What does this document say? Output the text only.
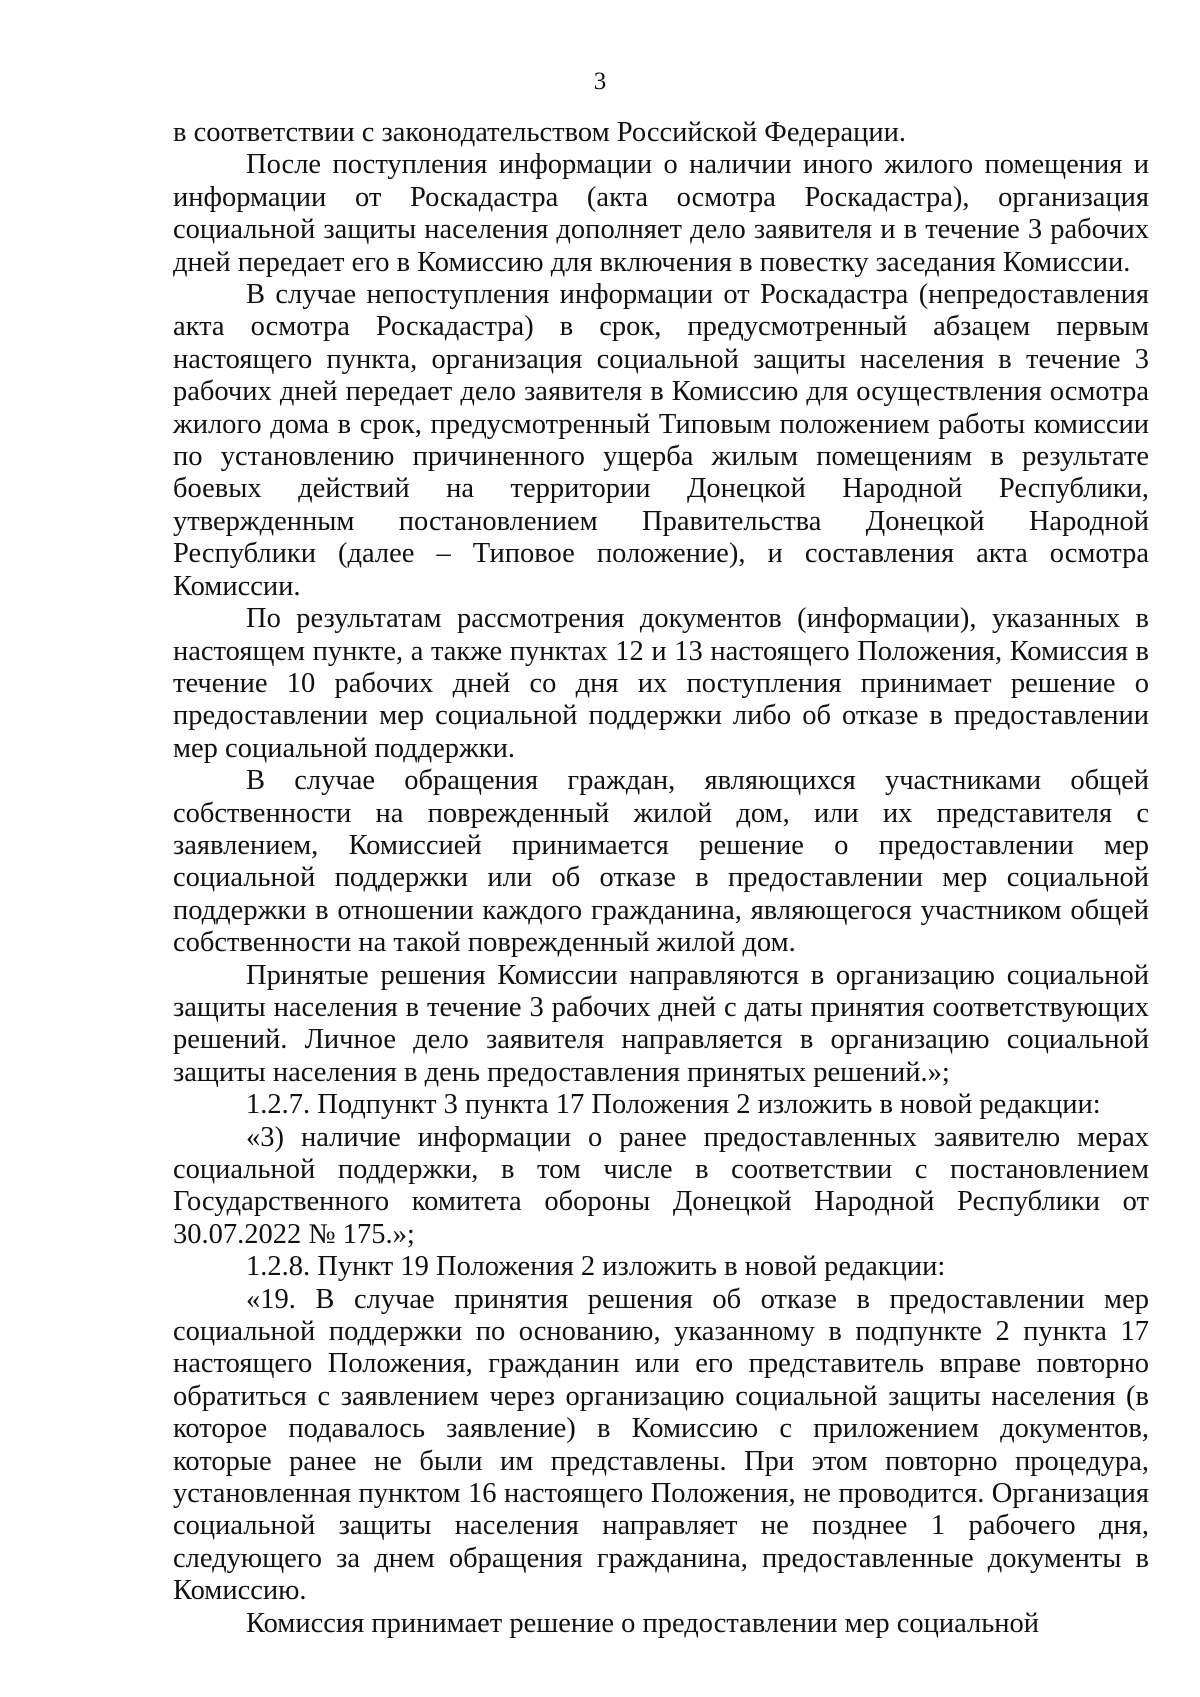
3

в соответствии с законодательством Российской Федерации.

После поступления информации о наличии иного жилого помещения и информации от Роскадастра (акта осмотра Роскадастра), организация социальной защиты населения дополняет дело заявителя и в течение 3 рабочих дней передает его в Комиссию для включения в повестку заседания Комиссии.

В случае непоступления информации от Роскадастра (непредоставления акта осмотра Роскадастра) в срок, предусмотренный абзацем первым настоящего пункта, организация социальной защиты населения в течение 3 рабочих дней передает дело заявителя в Комиссию для осуществления осмотра жилого дома в срок, предусмотренный Типовым положением работы комиссии по установлению причиненного ущерба жилым помещениям в результате боевых действий на территории Донецкой Народной Республики, утвержденным постановлением Правительства Донецкой Народной Республики (далее – Типовое положение), и составления акта осмотра Комиссии.

По результатам рассмотрения документов (информации), указанных в настоящем пункте, а также пунктах 12 и 13 настоящего Положения, Комиссия в течение 10 рабочих дней со дня их поступления принимает решение о предоставлении мер социальной поддержки либо об отказе в предоставлении мер социальной поддержки.

В случае обращения граждан, являющихся участниками общей собственности на поврежденный жилой дом, или их представителя с заявлением, Комиссией принимается решение о предоставлении мер социальной поддержки или об отказе в предоставлении мер социальной поддержки в отношении каждого гражданина, являющегося участником общей собственности на такой поврежденный жилой дом.

Принятые решения Комиссии направляются в организацию социальной защиты населения в течение 3 рабочих дней с даты принятия соответствующих решений. Личное дело заявителя направляется в организацию социальной защиты населения в день предоставления принятых решений.»;

1.2.7. Подпункт 3 пункта 17 Положения 2 изложить в новой редакции:

«3) наличие информации о ранее предоставленных заявителю мерах социальной поддержки, в том числе в соответствии с постановлением Государственного комитета обороны Донецкой Народной Республики от 30.07.2022 № 175.»;

1.2.8. Пункт 19 Положения 2 изложить в новой редакции:

«19. В случае принятия решения об отказе в предоставлении мер социальной поддержки по основанию, указанному в подпункте 2 пункта 17 настоящего Положения, гражданин или его представитель вправе повторно обратиться с заявлением через организацию социальной защиты населения (в которое подавалось заявление) в Комиссию с приложением документов, которые ранее не были им представлены. При этом повторно процедура, установленная пунктом 16 настоящего Положения, не проводится. Организация социальной защиты населения направляет не позднее 1 рабочего дня, следующего за днем обращения гражданина, предоставленные документы в Комиссию.

Комиссия принимает решение о предоставлении мер социальной
